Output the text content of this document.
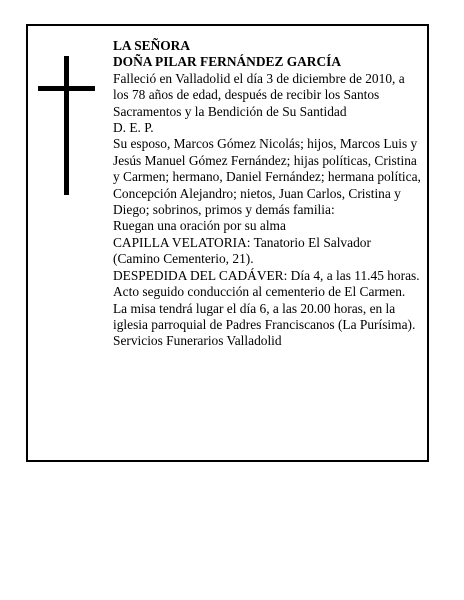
LA SEÑORA

DOÑA PILAR FERNÁNDEZ GARCÍA

Falleció en Valladolid el día 3 de diciembre de 2010, a los 78 años de edad, después de recibir los Santos Sacramentos y la Bendición de Su Santidad

D. E. P.

Su esposo, Marcos Gómez Nicolás; hijos, Marcos Luis y Jesús Manuel Gómez Fernández; hijas políticas, Cristina y Carmen; hermano, Daniel Fernández; hermana política, Concepción Alejandro; nietos, Juan Carlos, Cristina y Diego; sobrinos, primos y demás familia:

Ruegan una oración por su alma

CAPILLA VELATORIA: Tanatorio El Salvador (Camino Cementerio, 21).

DESPEDIDA DEL CADÁVER: Día 4, a las 11.45 horas. Acto seguido conducción al cementerio de El Carmen.

La misa tendrá lugar el día 6, a las 20.00 horas, en la iglesia parroquial de Padres Franciscanos (La Purísima).

Servicios Funerarios Valladolid
